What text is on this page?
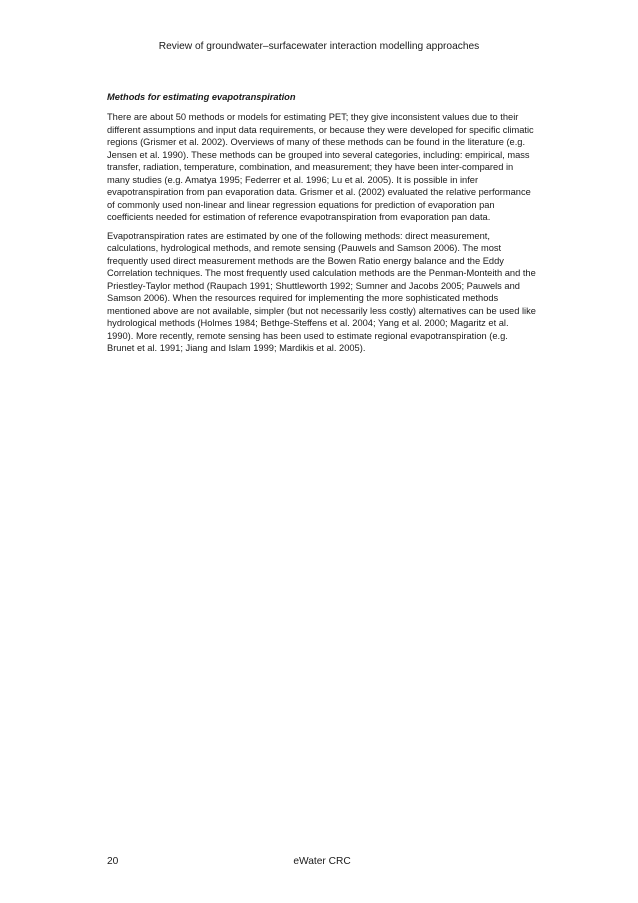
Review of groundwater–surfacewater interaction modelling approaches
Methods for estimating evapotranspiration

There are about 50 methods or models for estimating PET; they give inconsistent values due to their different assumptions and input data requirements, or because they were developed for specific climatic regions (Grismer et al. 2002). Overviews of many of these methods can be found in the literature (e.g. Jensen et al. 1990). These methods can be grouped into several categories, including: empirical, mass transfer, radiation, temperature, combination, and measurement; they have been inter-compared in many studies (e.g. Amatya 1995; Federrer et al. 1996; Lu et al. 2005). It is possible in infer evapotranspiration from pan evaporation data. Grismer et al. (2002) evaluated the relative performance of commonly used non-linear and linear regression equations for prediction of evaporation pan coefficients needed for estimation of reference evapotranspiration from evaporation pan data.

Evapotranspiration rates are estimated by one of the following methods: direct measurement, calculations, hydrological methods, and remote sensing (Pauwels and Samson 2006). The most frequently used direct measurement methods are the Bowen Ratio energy balance and the Eddy Correlation techniques. The most frequently used calculation methods are the Penman-Monteith and the Priestley-Taylor method (Raupach 1991; Shuttleworth 1992; Sumner and Jacobs 2005; Pauwels and Samson 2006). When the resources required for implementing the more sophisticated methods mentioned above are not available, simpler (but not necessarily less costly) alternatives can be used like hydrological methods (Holmes 1984; Bethge-Steffens et al. 2004; Yang et al. 2000; Magaritz et al. 1990). More recently, remote sensing has been used to estimate regional evapotranspiration (e.g. Brunet et al. 1991; Jiang and Islam 1999; Mardikis et al. 2005).

20	eWater CRC
